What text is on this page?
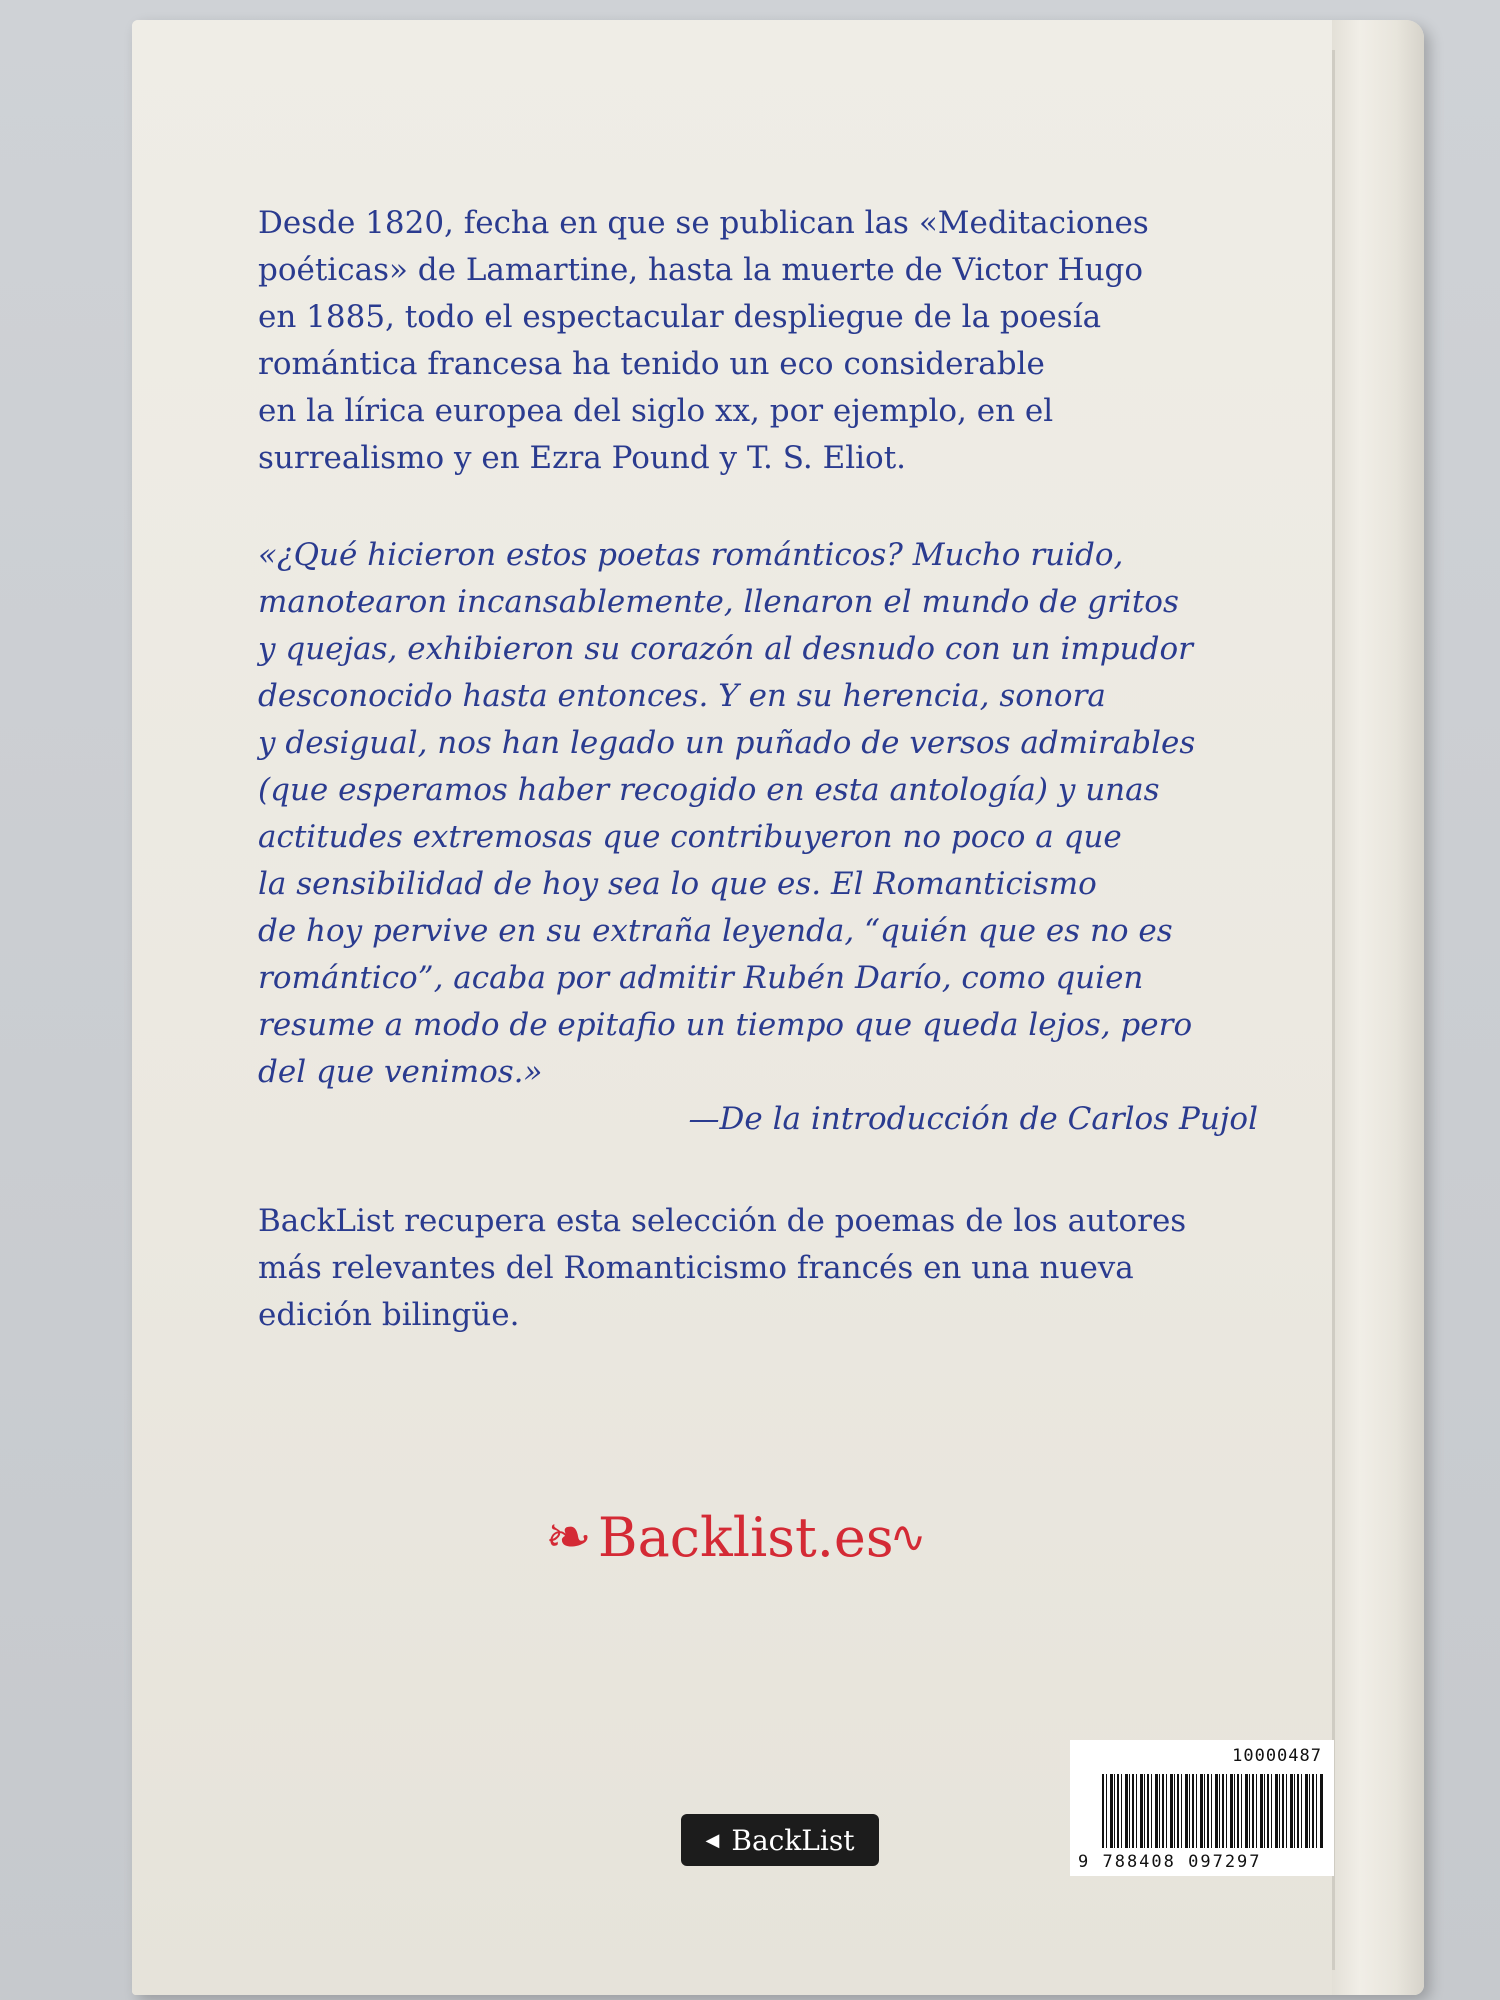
Desde 1820, fecha en que se publican las «Meditaciones
poéticas» de Lamartine, hasta la muerte de Victor Hugo
en 1885, todo el espectacular despliegue de la poesía
romántica francesa ha tenido un eco considerable
en la lírica europea del siglo xx, por ejemplo, en el
surrealismo y en Ezra Pound y T. S. Eliot.
«¿Qué hicieron estos poetas románticos? Mucho ruido,
manotearon incansablemente, llenaron el mundo de gritos
y quejas, exhibieron su corazón al desnudo con un impudor
desconocido hasta entonces. Y en su herencia, sonora
y desigual, nos han legado un puñado de versos admirables
(que esperamos haber recogido en esta antología) y unas
actitudes extremosas que contribuyeron no poco a que
la sensibilidad de hoy sea lo que es. El Romanticismo
de hoy pervive en su extraña leyenda, “quién que es no es
romántico”, acaba por admitir Rubén Darío, como quien
resume a modo de epitafio un tiempo que queda lejos, pero
del que venimos.»
—De la introducción de Carlos Pujol
BackList recupera esta selección de poemas de los autores
más relevantes del Romanticismo francés en una nueva
edición bilingüe.
❧ Backlist.es
∿
◀ BackList
10000487
9 788408 097297
